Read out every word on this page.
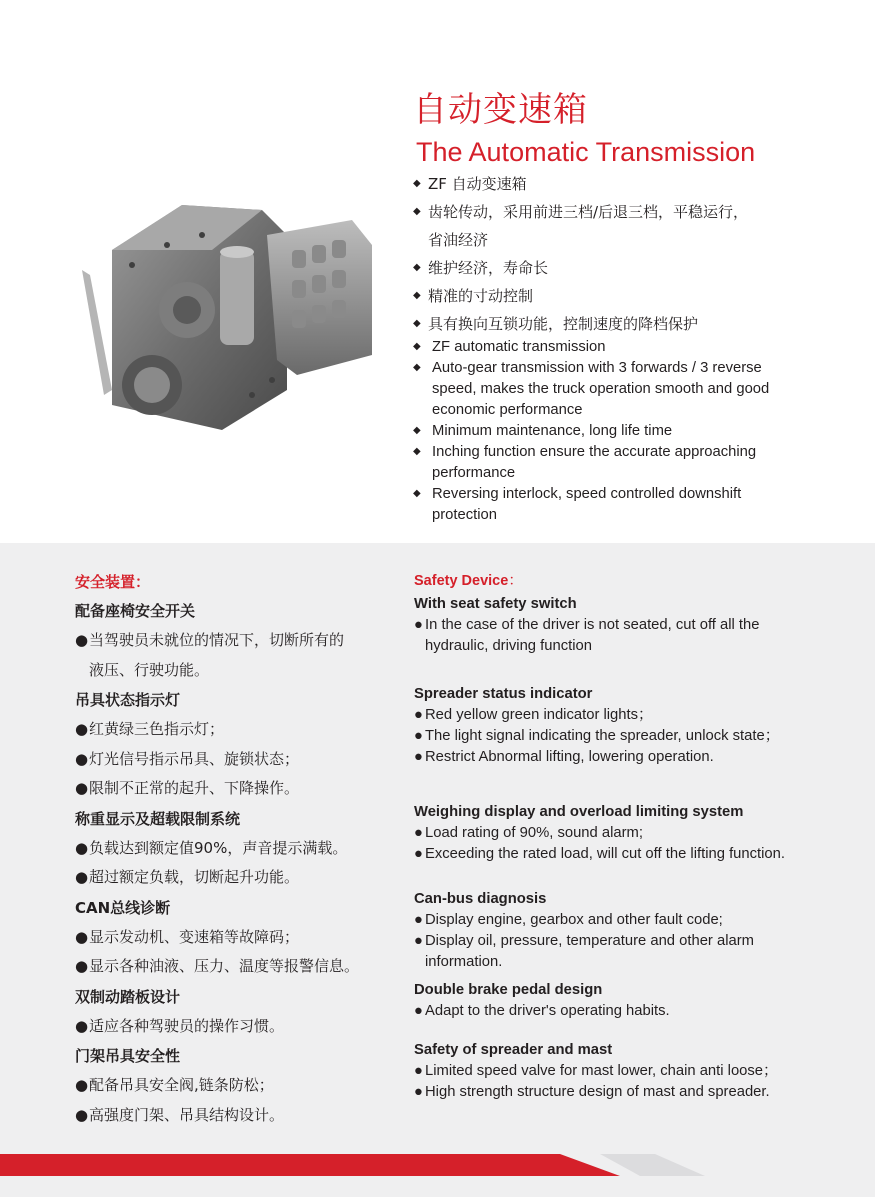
自动变速箱
The Automatic Transmission
◆ ZF 自动变速箱
◆ 齿轮传动，采用前进三档/后退三档，平稳运行，
省油经济
◆ 维护经济，寿命长
◆ 精准的寸动控制
◆ 具有换向互锁功能，控制速度的降档保护
◆ ZF automatic transmission
◆ Auto-gear transmission with 3 forwards / 3 reverse
speed, makes the truck operation smooth and good
economic performance
◆ Minimum maintenance, long life time
◆ Inching function ensure the accurate approaching
performance
◆ Reversing interlock, speed controlled downshift
protection
安全装置：
配备座椅安全开关
● 当驾驶员未就位的情况下，切断所有的
液压、行驶功能。
吊具状态指示灯
● 红黄绿三色指示灯；
● 灯光信号指示吊具、旋锁状态；
● 限制不正常的起升、下降操作。
称重显示及超载限制系统
● 负载达到额定值90%，声音提示满载。
● 超过额定负载，切断起升功能。
CAN总线诊断
● 显示发动机、变速箱等故障码；
● 显示各种油液、压力、温度等报警信息。
双制动踏板设计
● 适应各种驾驶员的操作习惯。
门架吊具安全性
● 配备吊具安全阀,链条防松；
● 高强度门架、吊具结构设计。
Safety Device：
With seat safety switch
● In the case of the driver is not seated, cut off all the
hydraulic, driving function
Spreader status indicator
● Red yellow green indicator lights；
● The light signal indicating the spreader, unlock state；
● Restrict Abnormal lifting, lowering operation.
Weighing display and overload limiting system
● Load rating of 90%, sound alarm;
● Exceeding the rated load, will cut off the lifting function.
Can-bus diagnosis
● Display engine, gearbox and other fault code;
● Display oil, pressure, temperature and other alarm
information.
Double brake pedal design
● Adapt to the driver's operating habits.
Safety of spreader and mast
● Limited speed valve for mast lower, chain anti loose；
● High strength structure design of mast and spreader.
